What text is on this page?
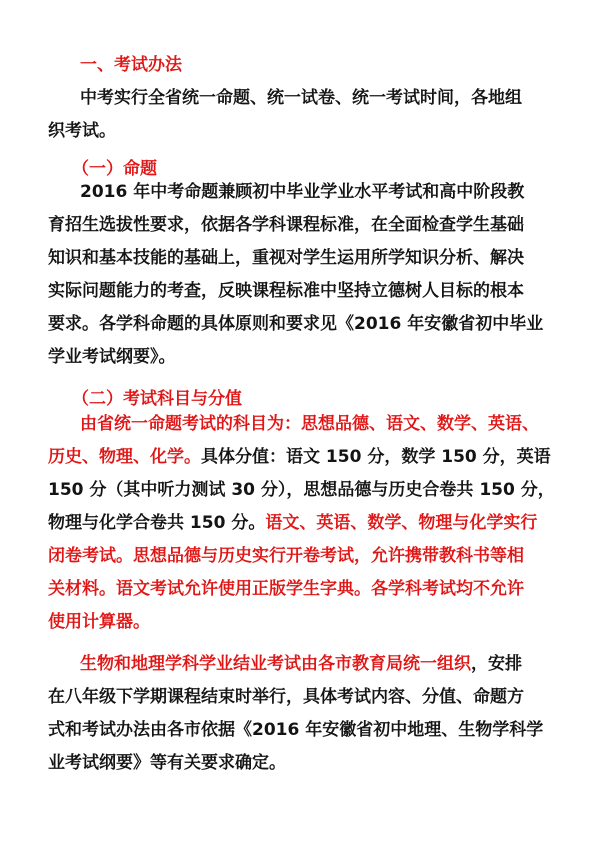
一、考试办法
中考实行全省统一命题、统一试卷、统一考试时间，各地组
织考试。
（一）命题
2016 年中考命题兼顾初中毕业学业水平考试和高中阶段教
育招生选拔性要求，依据各学科课程标准，在全面检查学生基础
知识和基本技能的基础上，重视对学生运用所学知识分析、解决
实际问题能力的考查，反映课程标准中坚持立德树人目标的根本
要求。各学科命题的具体原则和要求见《2016 年安徽省初中毕业
学业考试纲要》。
（二）考试科目与分值
由省统一命题考试的科目为：思想品德、语文、数学、英语、
历史、物理、化学。具体分值：语文 150 分，数学 150 分，英语
150 分（其中听力测试 30 分），思想品德与历史合卷共 150 分，
物理与化学合卷共 150 分。语文、英语、数学、物理与化学实行
闭卷考试。思想品德与历史实行开卷考试，允许携带教科书等相
关材料。语文考试允许使用正版学生字典。各学科考试均不允许
使用计算器。
生物和地理学科学业结业考试由各市教育局统一组织，安排
在八年级下学期课程结束时举行，具体考试内容、分值、命题方
式和考试办法由各市依据《2016 年安徽省初中地理、生物学科学
业考试纲要》等有关要求确定。
